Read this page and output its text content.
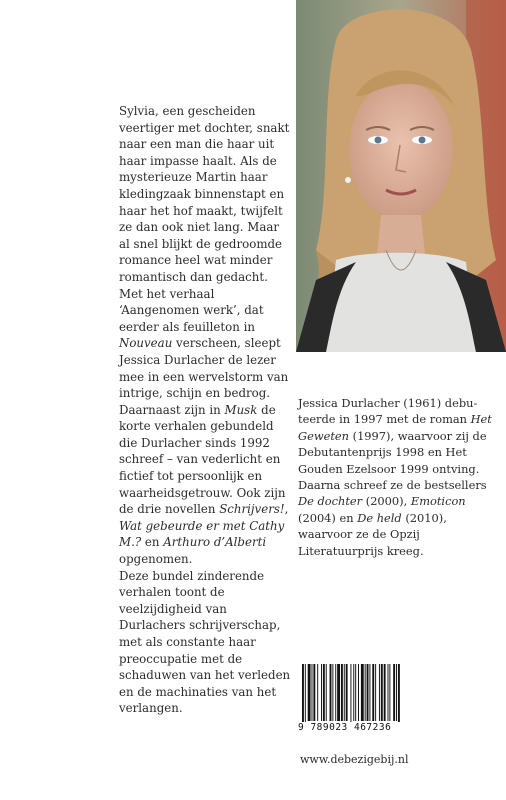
Sylvia, een gescheiden veertiger met dochter, snakt naar een man die haar uit haar impasse haalt. Als de mysterieuze Martin haar kledingzaak binnenstapt en haar het hof maakt, twijfelt ze dan ook niet lang. Maar al snel blijkt de gedroomde romance heel wat minder romantisch dan gedacht. Met het verhaal ‘Aangenomen werk’, dat eerder als feuilleton in Nouveau verscheen, sleept Jessica Durlacher de lezer mee in een wervelstorm van intrige, schijn en bedrog.

Daarnaast zijn in Musk de korte verhalen gebundeld die Durlacher sinds 1992 schreef – van vederlicht en fictief tot persoonlijk en waarheidsgetrouw. Ook zijn de drie novellen Schrijvers!, Wat gebeurde er met Cathy M.? en Arthuro d’Alberti opgenomen.

Deze bundel zinderende verhalen toont de veelzijdigheid van Durlachers schrijverschap, met als constante haar preoccupatie met de schaduwen van het verleden en de machinaties van het verlangen.

Jessica Durlacher (1961) debuteerde in 1997 met de roman Het Geweten (1997), waarvoor zij de Debutantenprijs 1998 en Het Gouden Ezelsoor 1999 ontving. Daarna schreef ze de bestsellers De dochter (2000), Emoticon (2004) en De held (2010), waarvoor ze de Opzij Literatuurprijs kreeg.

9 789023 467236
www.debezigebij.nl
